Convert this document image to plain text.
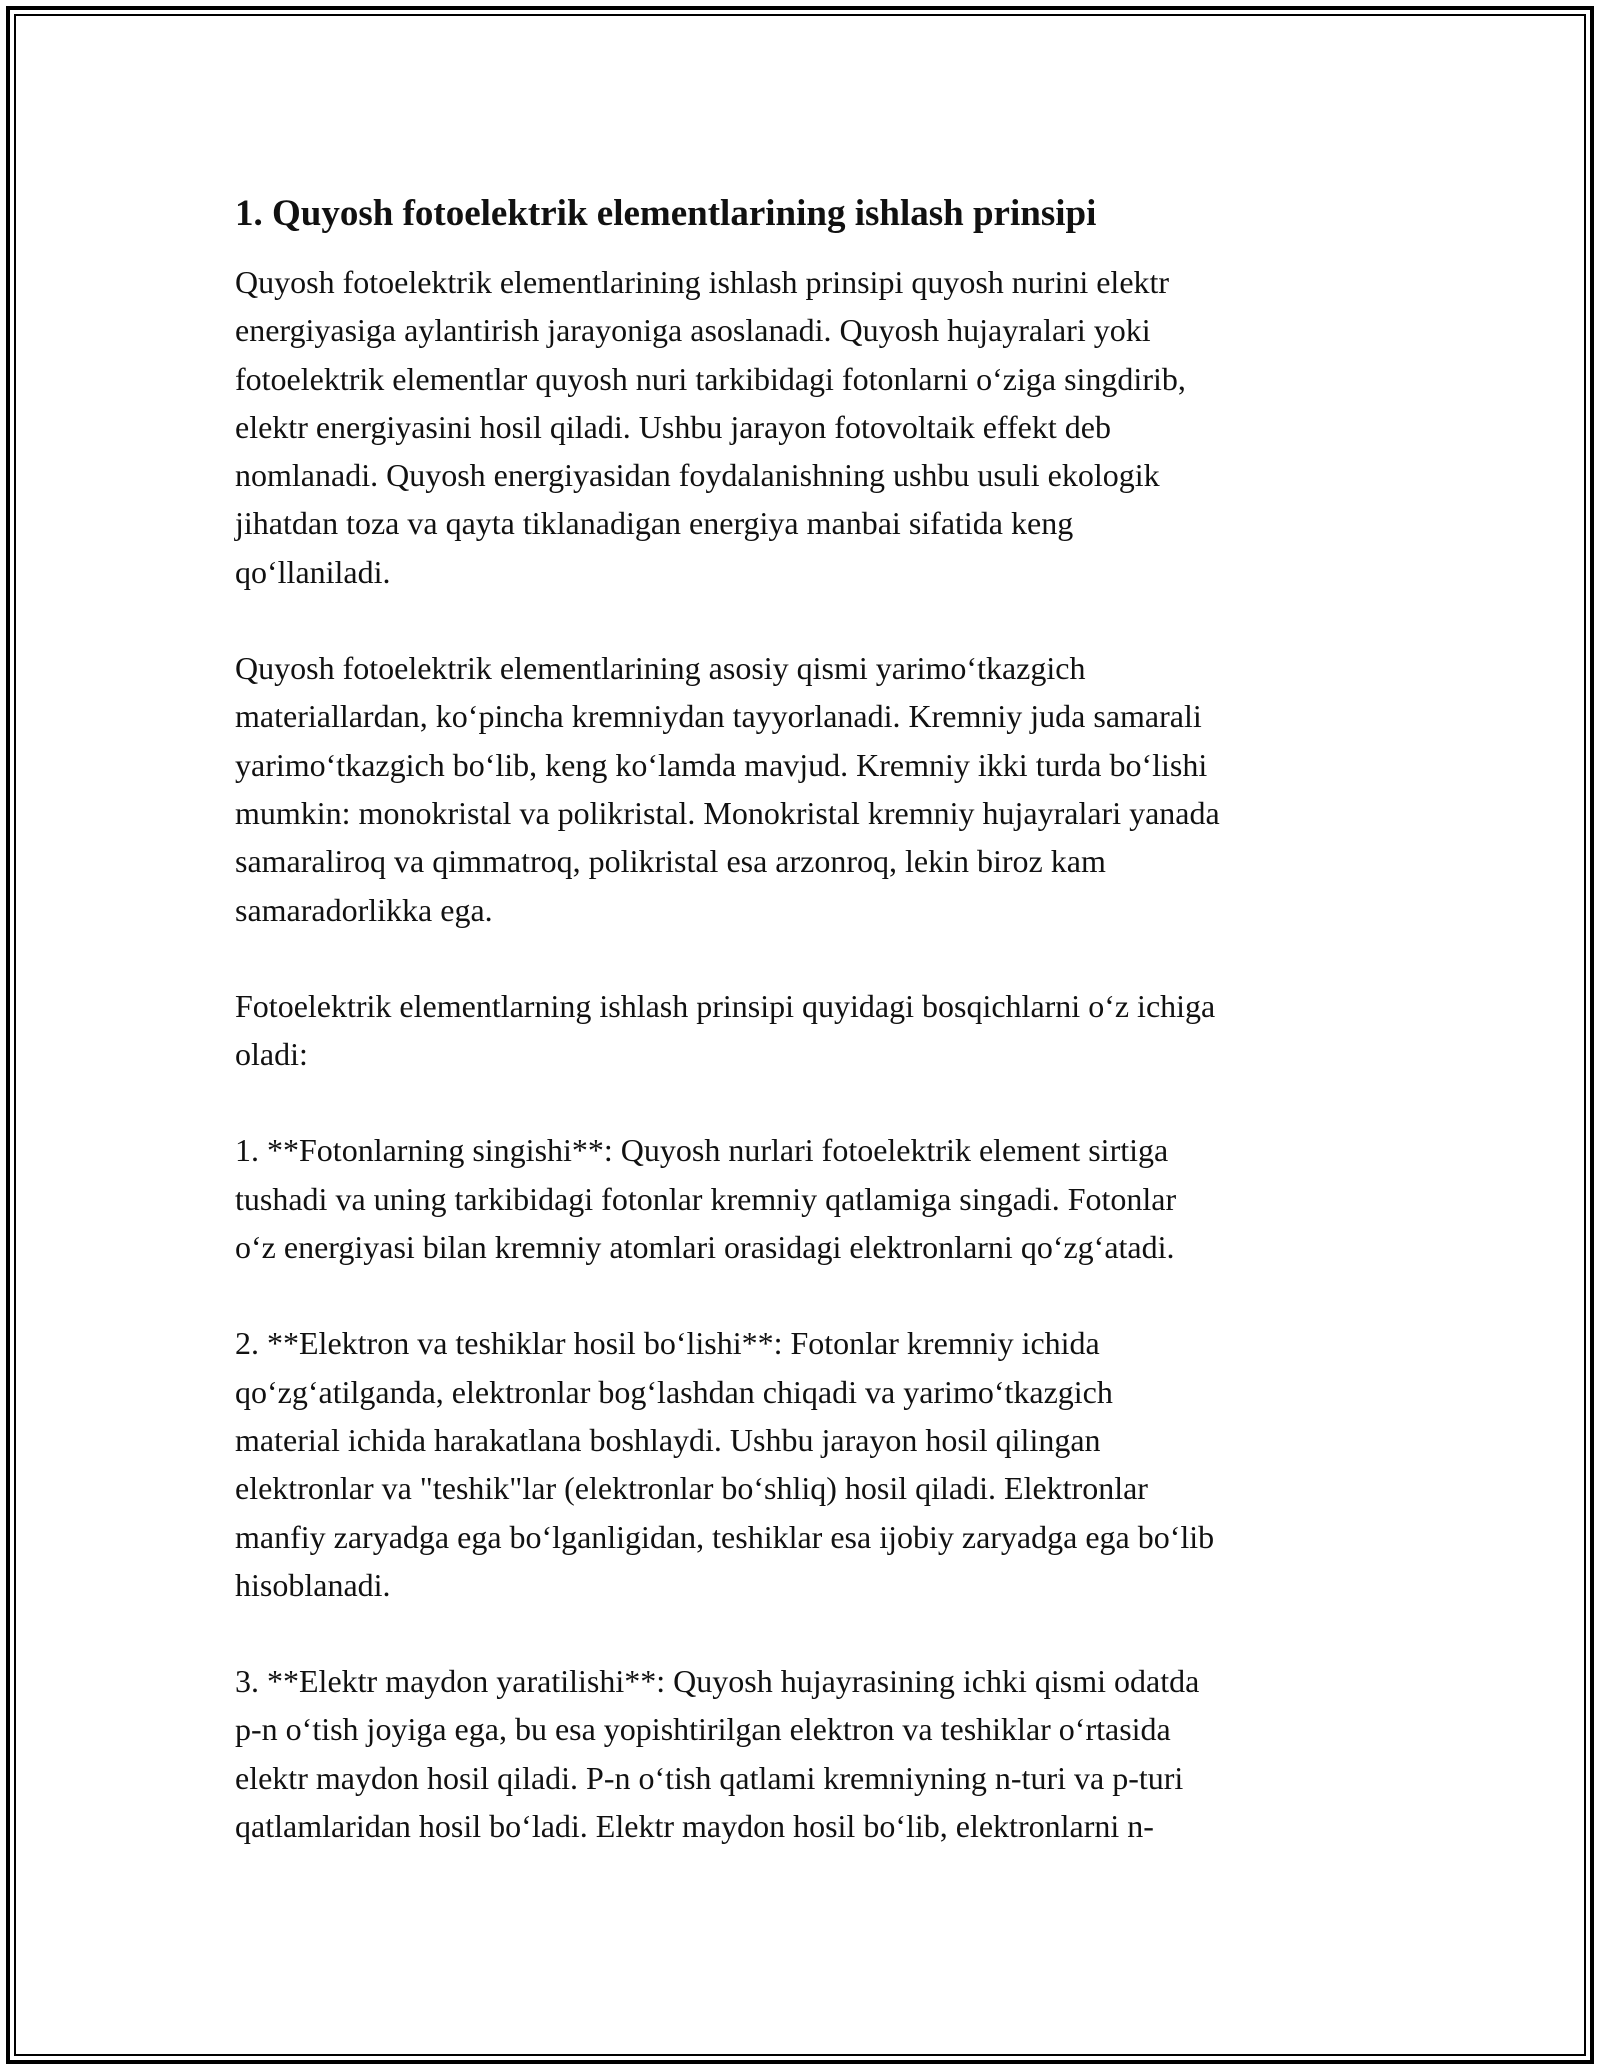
1. Quyosh fotoelektrik elementlarining ishlash prinsipi

Quyosh fotoelektrik elementlarining ishlash prinsipi quyosh nurini elektr
energiyasiga aylantirish jarayoniga asoslanadi. Quyosh hujayralari yoki
fotoelektrik elementlar quyosh nuri tarkibidagi fotonlarni o‘ziga singdirib,
elektr energiyasini hosil qiladi. Ushbu jarayon fotovoltaik effekt deb
nomlanadi. Quyosh energiyasidan foydalanishning ushbu usuli ekologik
jihatdan toza va qayta tiklanadigan energiya manbai sifatida keng
qo‘llaniladi.

Quyosh fotoelektrik elementlarining asosiy qismi yarimo‘tkazgich
materiallardan, ko‘pincha kremniydan tayyorlanadi. Kremniy juda samarali
yarimo‘tkazgich bo‘lib, keng ko‘lamda mavjud. Kremniy ikki turda bo‘lishi
mumkin: monokristal va polikristal. Monokristal kremniy hujayralari yanada
samaraliroq va qimmatroq, polikristal esa arzonroq, lekin biroz kam
samaradorlikka ega.

Fotoelektrik elementlarning ishlash prinsipi quyidagi bosqichlarni o‘z ichiga
oladi:

1. **Fotonlarning singishi**: Quyosh nurlari fotoelektrik element sirtiga
tushadi va uning tarkibidagi fotonlar kremniy qatlamiga singadi. Fotonlar
o‘z energiyasi bilan kremniy atomlari orasidagi elektronlarni qo‘zg‘atadi.

2. **Elektron va teshiklar hosil bo‘lishi**: Fotonlar kremniy ichida
qo‘zg‘atilganda, elektronlar bog‘lashdan chiqadi va yarimo‘tkazgich
material ichida harakatlana boshlaydi. Ushbu jarayon hosil qilingan
elektronlar va "teshik"lar (elektronlar bo‘shliq) hosil qiladi. Elektronlar
manfiy zaryadga ega bo‘lganligidan, teshiklar esa ijobiy zaryadga ega bo‘lib
hisoblanadi.

3. **Elektr maydon yaratilishi**: Quyosh hujayrasining ichki qismi odatda
p-n o‘tish joyiga ega, bu esa yopishtirilgan elektron va teshiklar o‘rtasida
elektr maydon hosil qiladi. P-n o‘tish qatlami kremniyning n-turi va p-turi
qatlamlaridan hosil bo‘ladi. Elektr maydon hosil bo‘lib, elektronlarni n-
